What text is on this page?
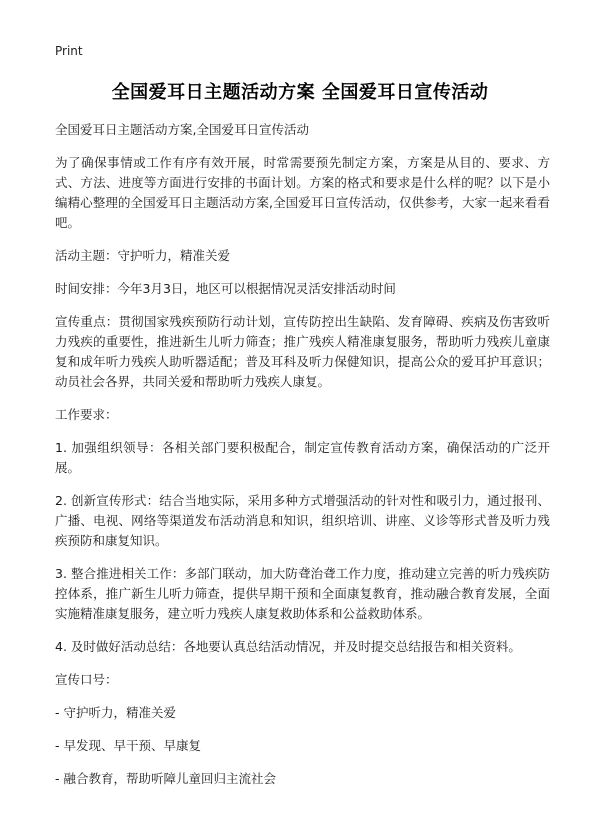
Print
全国爱耳日主题活动方案 全国爱耳日宣传活动

全国爱耳日主题活动方案,全国爱耳日宣传活动

为了确保事情或工作有序有效开展，时常需要预先制定方案，方案是从目的、要求、方式、方法、进度等方面进行安排的书面计划。方案的格式和要求是什么样的呢？以下是小编精心整理的全国爱耳日主题活动方案,全国爱耳日宣传活动，仅供参考，大家一起来看看吧。

活动主题：守护听力，精准关爱

时间安排：今年3月3日，地区可以根据情况灵活安排活动时间

宣传重点：贯彻国家残疾预防行动计划，宣传防控出生缺陷、发育障碍、疾病及伤害致听力残疾的重要性，推进新生儿听力筛查；推广残疾人精准康复服务，帮助听力残疾儿童康复和成年听力残疾人助听器适配；普及耳科及听力保健知识，提高公众的爱耳护耳意识；动员社会各界，共同关爱和帮助听力残疾人康复。

工作要求：

1. 加强组织领导：各相关部门要积极配合，制定宣传教育活动方案，确保活动的广泛开展。

2. 创新宣传形式：结合当地实际，采用多种方式增强活动的针对性和吸引力，通过报刊、广播、电视、网络等渠道发布活动消息和知识，组织培训、讲座、义诊等形式普及听力残疾预防和康复知识。

3. 整合推进相关工作：多部门联动，加大防聋治聋工作力度，推动建立完善的听力残疾防控体系，推广新生儿听力筛查，提供早期干预和全面康复教育，推动融合教育发展，全面实施精准康复服务，建立听力残疾人康复救助体系和公益救助体系。

4. 及时做好活动总结：各地要认真总结活动情况，并及时提交总结报告和相关资料。

宣传口号：

- 守护听力，精准关爱

- 早发现、早干预、早康复

- 融合教育，帮助听障儿童回归主流社会
